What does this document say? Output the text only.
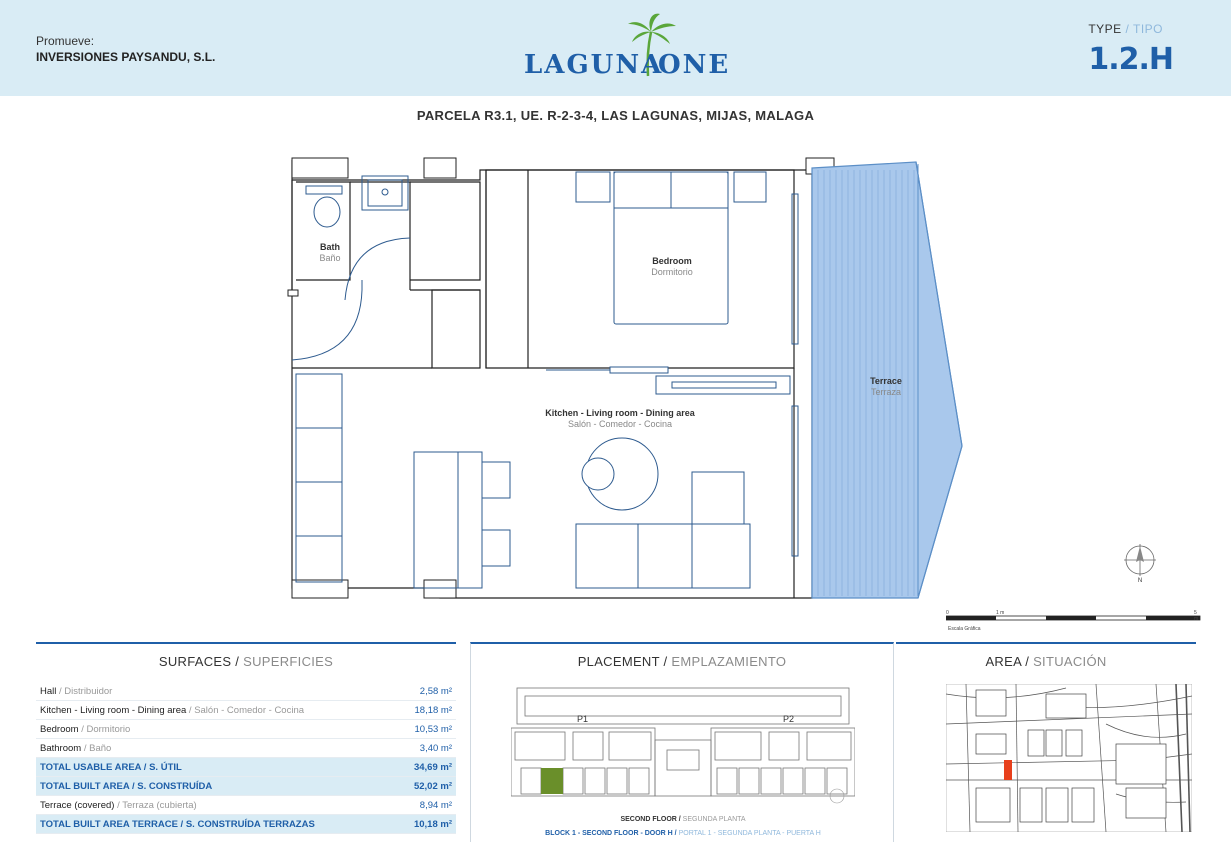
Promueve:
INVERSIONES PAYSANDU, S.L.	LAGUNA
ONE
TYPE / TIPO
1.2.H
PARCELA R3.1, UE. R-2-3-4, LAS LAGUNAS, MIJAS, MALAGA
Bath
Baño	Bedroom
Dormitorio
Kitchen - Living room - Dining area
Salón - Comedor - Cocina
Terrace
Terraza
N
0	1 m	5 m
Escala Gráfica
SURFACES / SUPERFICIES
Hall / Distribuidor	2,58 m²
Kitchen - Living room - Dining area / Salón - Comedor - Cocina	18,18 m²
Bedroom / Dormitorio	10,53 m²
Bathroom / Baño	3,40 m²
TOTAL USABLE AREA / S. ÚTIL	34,69 m²
TOTAL BUILT AREA / S. CONSTRUÍDA	52,02 m²
Terrace (covered) / Terraza (cubierta)	8,94 m²
TOTAL BUILT AREA TERRACE / S. CONSTRUÍDA TERRAZAS	10,18 m²
PLACEMENT / EMPLAZAMIENTO
P1	P2
SECOND FLOOR / SEGUNDA PLANTA
BLOCK 1 - SECOND FLOOR - DOOR H / PORTAL 1 - SEGUNDA PLANTA - PUERTA H
AREA / SITUACIÓN
